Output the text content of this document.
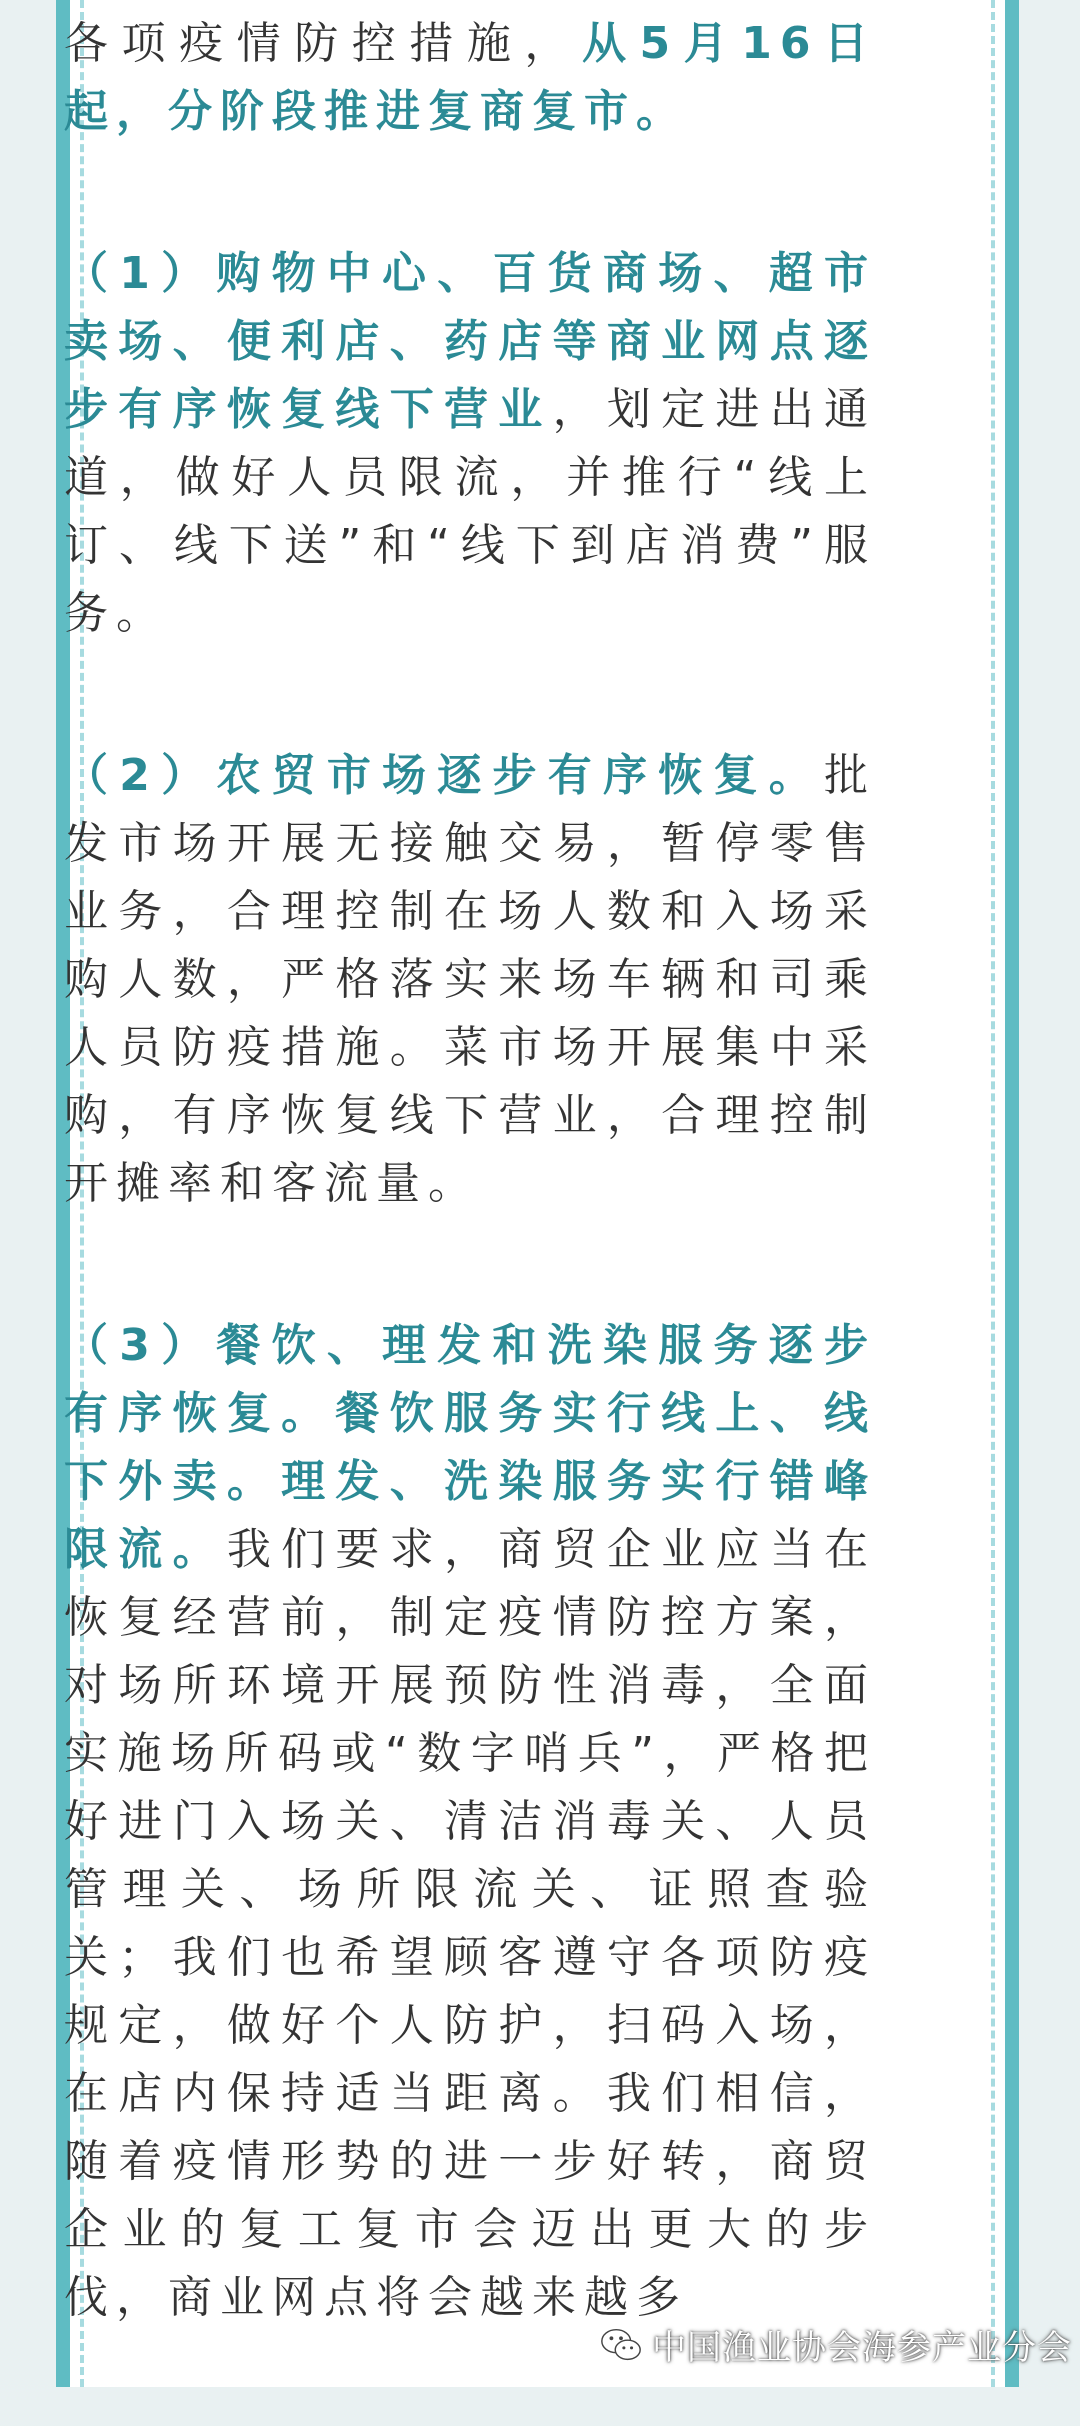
各项疫情防控措施，从5月16日起，分阶段推进复商复市。

（1）购物中心、百货商场、超市卖场、便利店、药店等商业网点逐步有序恢复线下营业，划定进出通道，做好人员限流，并推行“线上订、线下送”和“线下到店消费”服务。

（2）农贸市场逐步有序恢复。批发市场开展无接触交易，暂停零售业务，合理控制在场人数和入场采购人数，严格落实来场车辆和司乘人员防疫措施。菜市场开展集中采购，有序恢复线下营业，合理控制开摊率和客流量。

（3）餐饮、理发和洗染服务逐步有序恢复。餐饮服务实行线上、线下外卖。理发、洗染服务实行错峰限流。我们要求，商贸企业应当在恢复经营前，制定疫情防控方案，对场所环境开展预防性消毒，全面实施场所码或“数字哨兵”，严格把好进门入场关、清洁消毒关、人员管理关、场所限流关、证照查验关；我们也希望顾客遵守各项防疫规定，做好个人防护，扫码入场，在店内保持适当距离。我们相信，随着疫情形势的进一步好转，商贸企业的复工复市会迈出更大的步伐，商业网点将会越来越多

中国渔业协会海参产业分会
